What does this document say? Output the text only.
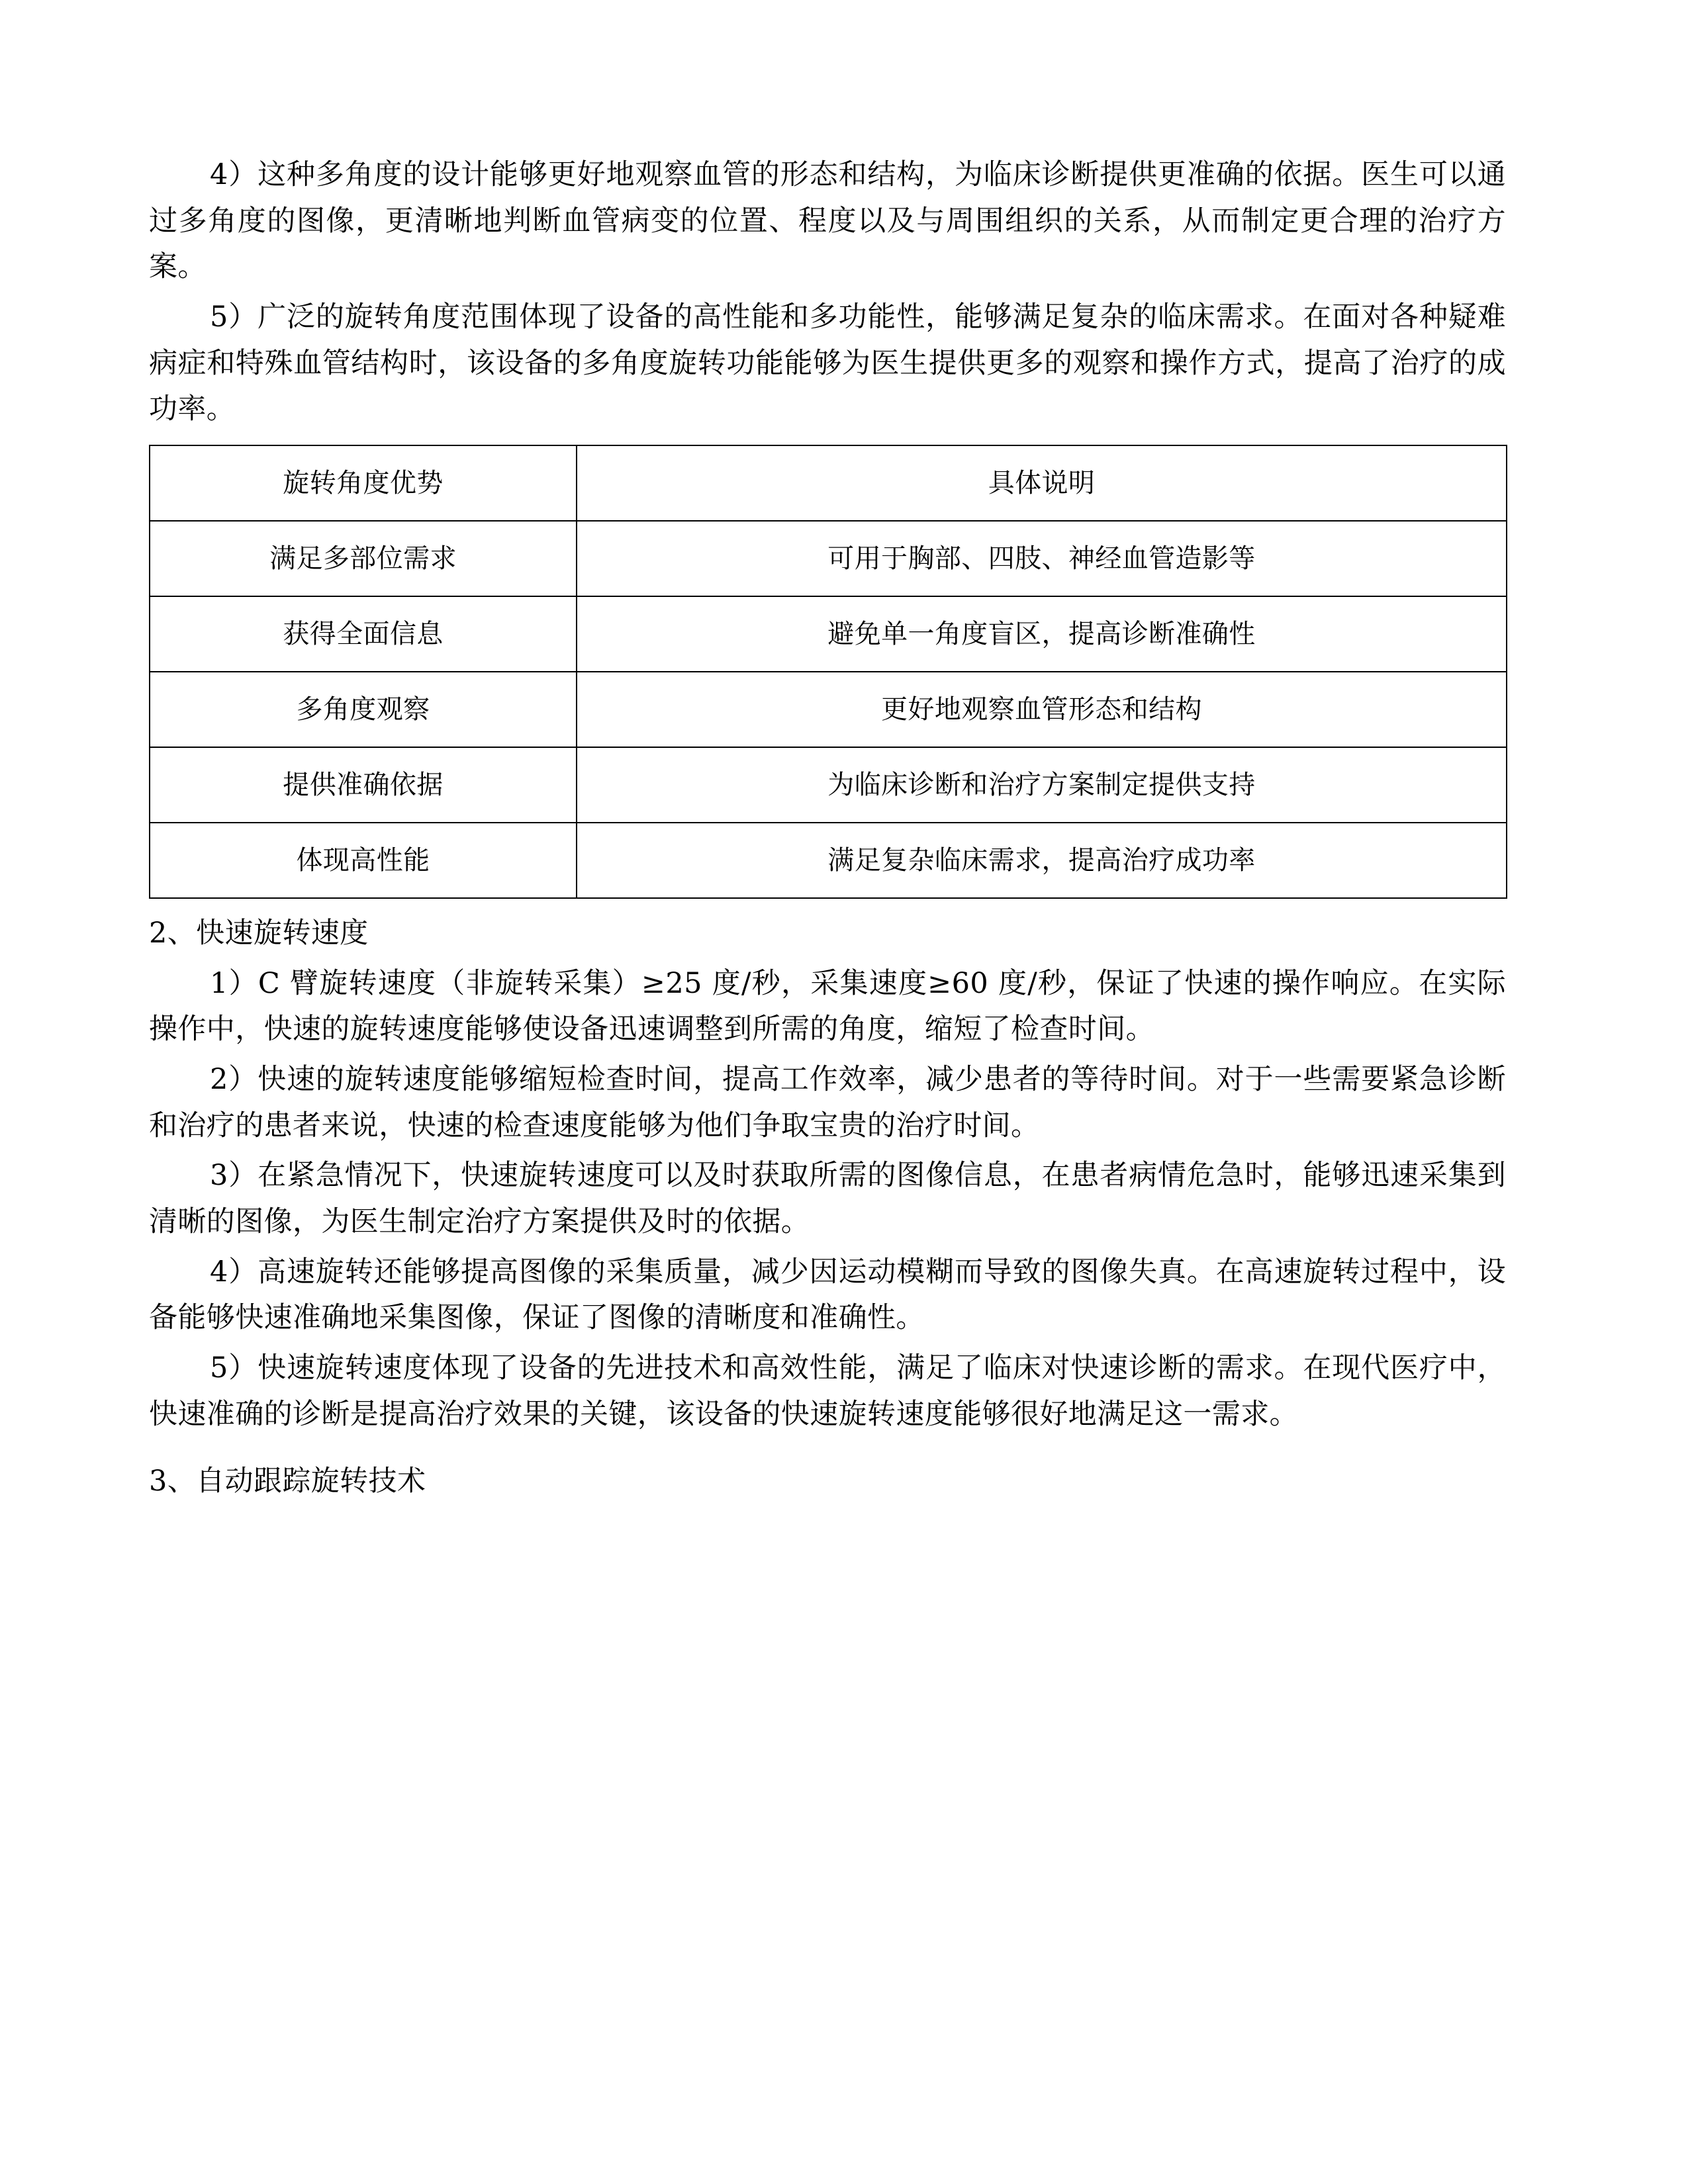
4）这种多角度的设计能够更好地观察血管的形态和结构，为临床诊断提供更准确的依据。医生可以通过多角度的图像，更清晰地判断血管病变的位置、程度以及与周围组织的关系，从而制定更合理的治疗方案。

5）广泛的旋转角度范围体现了设备的高性能和多功能性，能够满足复杂的临床需求。在面对各种疑难病症和特殊血管结构时，该设备的多角度旋转功能能够为医生提供更多的观察和操作方式，提高了治疗的成功率。

旋转角度优势	具体说明
满足多部位需求	可用于胸部、四肢、神经血管造影等
获得全面信息	避免单一角度盲区，提高诊断准确性
多角度观察	更好地观察血管形态和结构
提供准确依据	为临床诊断和治疗方案制定提供支持
体现高性能	满足复杂临床需求，提高治疗成功率

2、快速旋转速度

1）C 臂旋转速度（非旋转采集）≥25 度/秒，采集速度≥60 度/秒，保证了快速的操作响应。在实际操作中，快速的旋转速度能够使设备迅速调整到所需的角度，缩短了检查时间。

2）快速的旋转速度能够缩短检查时间，提高工作效率，减少患者的等待时间。对于一些需要紧急诊断和治疗的患者来说，快速的检查速度能够为他们争取宝贵的治疗时间。

3）在紧急情况下，快速旋转速度可以及时获取所需的图像信息，在患者病情危急时，能够迅速采集到清晰的图像，为医生制定治疗方案提供及时的依据。

4）高速旋转还能够提高图像的采集质量，减少因运动模糊而导致的图像失真。在高速旋转过程中，设备能够快速准确地采集图像，保证了图像的清晰度和准确性。

5）快速旋转速度体现了设备的先进技术和高效性能，满足了临床对快速诊断的需求。在现代医疗中，快速准确的诊断是提高治疗效果的关键，该设备的快速旋转速度能够很好地满足这一需求。

3、自动跟踪旋转技术
